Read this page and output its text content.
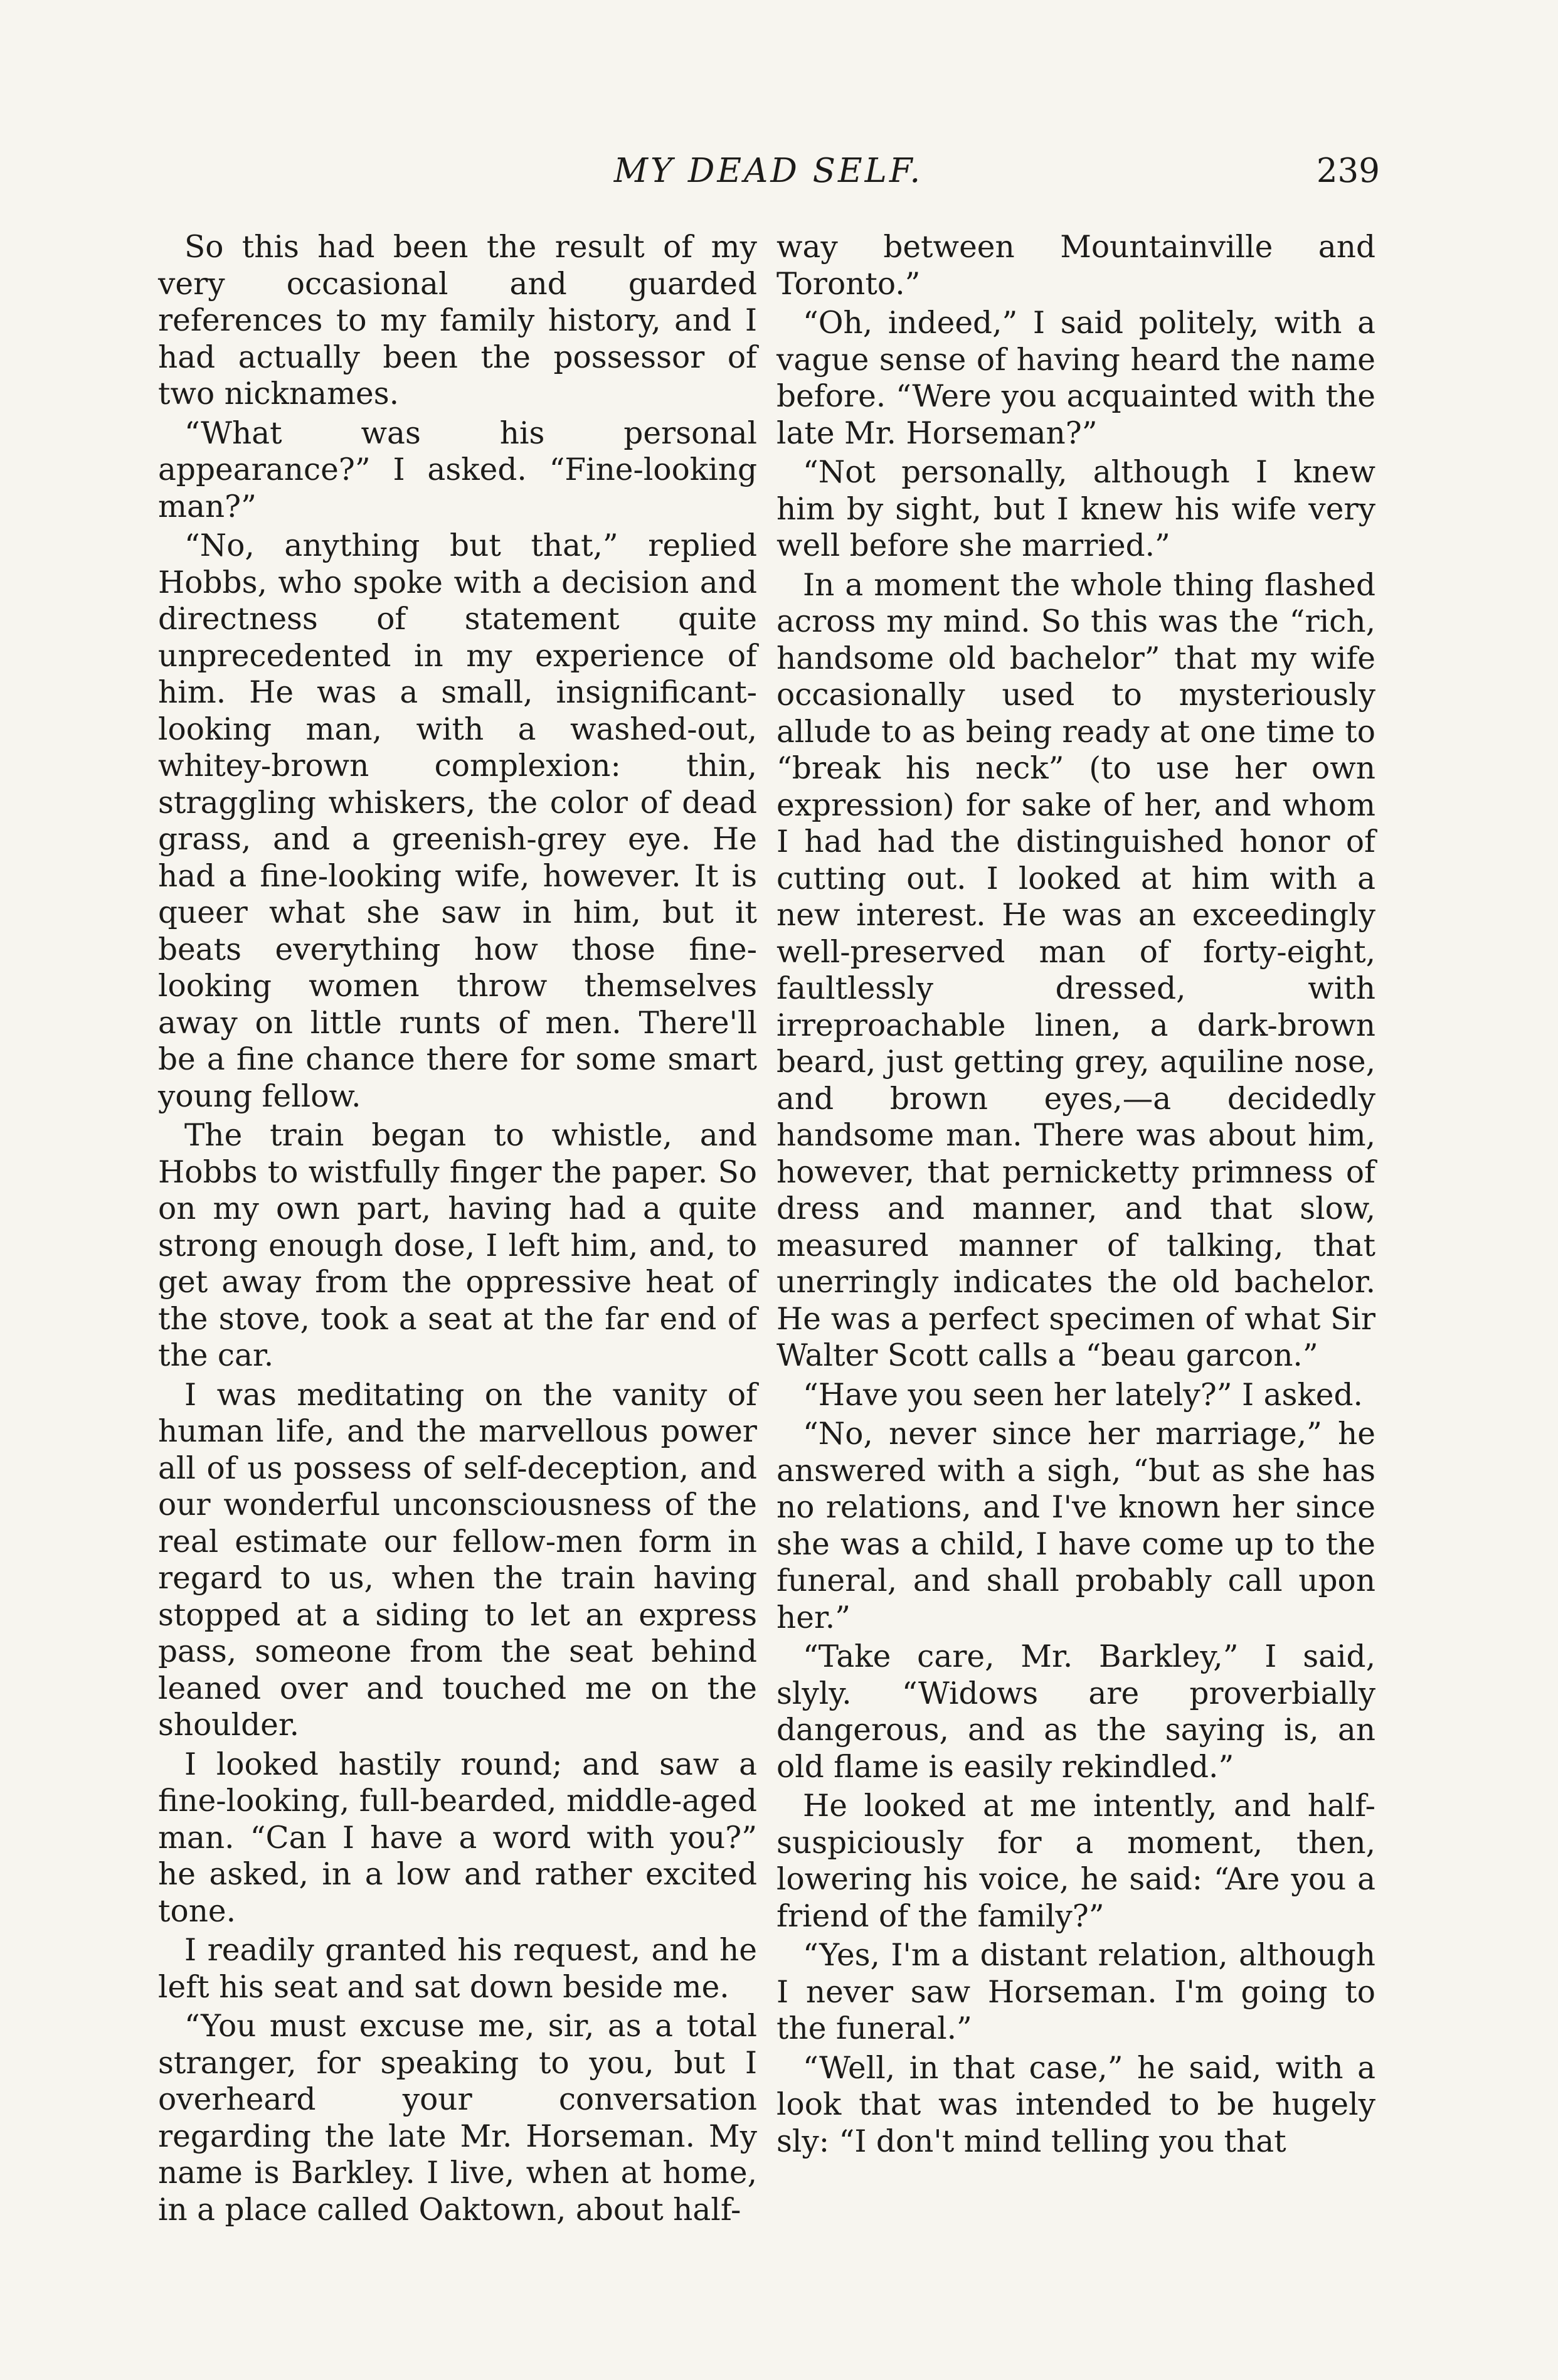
MY DEAD SELF.	239

So this had been the result of my very occasional and guarded references to my family history, and I had actually been the possessor of two nicknames.

“What was his personal appearance?” I asked. “Fine-looking man?”

“No, anything but that,” replied Hobbs, who spoke with a decision and directness of statement quite unprecedented in my experience of him. He was a small, insignificant-looking man, with a washed-out, whitey-brown complexion: thin, straggling whiskers, the color of dead grass, and a greenish-grey eye. He had a fine-looking wife, however. It is queer what she saw in him, but it beats everything how those fine-looking women throw themselves away on little runts of men. There'll be a fine chance there for some smart young fellow.

The train began to whistle, and Hobbs to wistfully finger the paper. So on my own part, having had a quite strong enough dose, I left him, and, to get away from the oppressive heat of the stove, took a seat at the far end of the car.

I was meditating on the vanity of human life, and the marvellous power all of us possess of self-deception, and our wonderful unconsciousness of the real estimate our fellow-men form in regard to us, when the train having stopped at a siding to let an express pass, someone from the seat behind leaned over and touched me on the shoulder.

I looked hastily round; and saw a fine-looking, full-bearded, middle-aged man. “Can I have a word with you?” he asked, in a low and rather excited tone.

I readily granted his request, and he left his seat and sat down beside me.

“You must excuse me, sir, as a total stranger, for speaking to you, but I overheard your conversation regarding the late Mr. Horseman. My name is Barkley. I live, when at home, in a place called Oaktown, about half-

way between Mountainville and Toronto.”

“Oh, indeed,” I said politely, with a vague sense of having heard the name before. “Were you acquainted with the late Mr. Horseman?”

“Not personally, although I knew him by sight, but I knew his wife very well before she married.”

In a moment the whole thing flashed across my mind. So this was the “rich, handsome old bachelor” that my wife occasionally used to mysteriously allude to as being ready at one time to “break his neck” (to use her own expression) for sake of her, and whom I had had the distinguished honor of cutting out. I looked at him with a new interest. He was an exceedingly well-preserved man of forty-eight, faultlessly dressed, with irreproachable linen, a dark-brown beard, just getting grey, aquiline nose, and brown eyes,—a decidedly handsome man. There was about him, however, that pernicketty primness of dress and manner, and that slow, measured manner of talking, that unerringly indicates the old bachelor. He was a perfect specimen of what Sir Walter Scott calls a “beau garcon.”

“Have you seen her lately?” I asked.

“No, never since her marriage,” he answered with a sigh, “but as she has no relations, and I've known her since she was a child, I have come up to the funeral, and shall probably call upon her.”

“Take care, Mr. Barkley,” I said, slyly. “Widows are proverbially dangerous, and as the saying is, an old flame is easily rekindled.”

He looked at me intently, and half-suspiciously for a moment, then, lowering his voice, he said: “Are you a friend of the family?”

“Yes, I'm a distant relation, although I never saw Horseman. I'm going to the funeral.”

“Well, in that case,” he said, with a look that was intended to be hugely sly: “I don't mind telling you that
